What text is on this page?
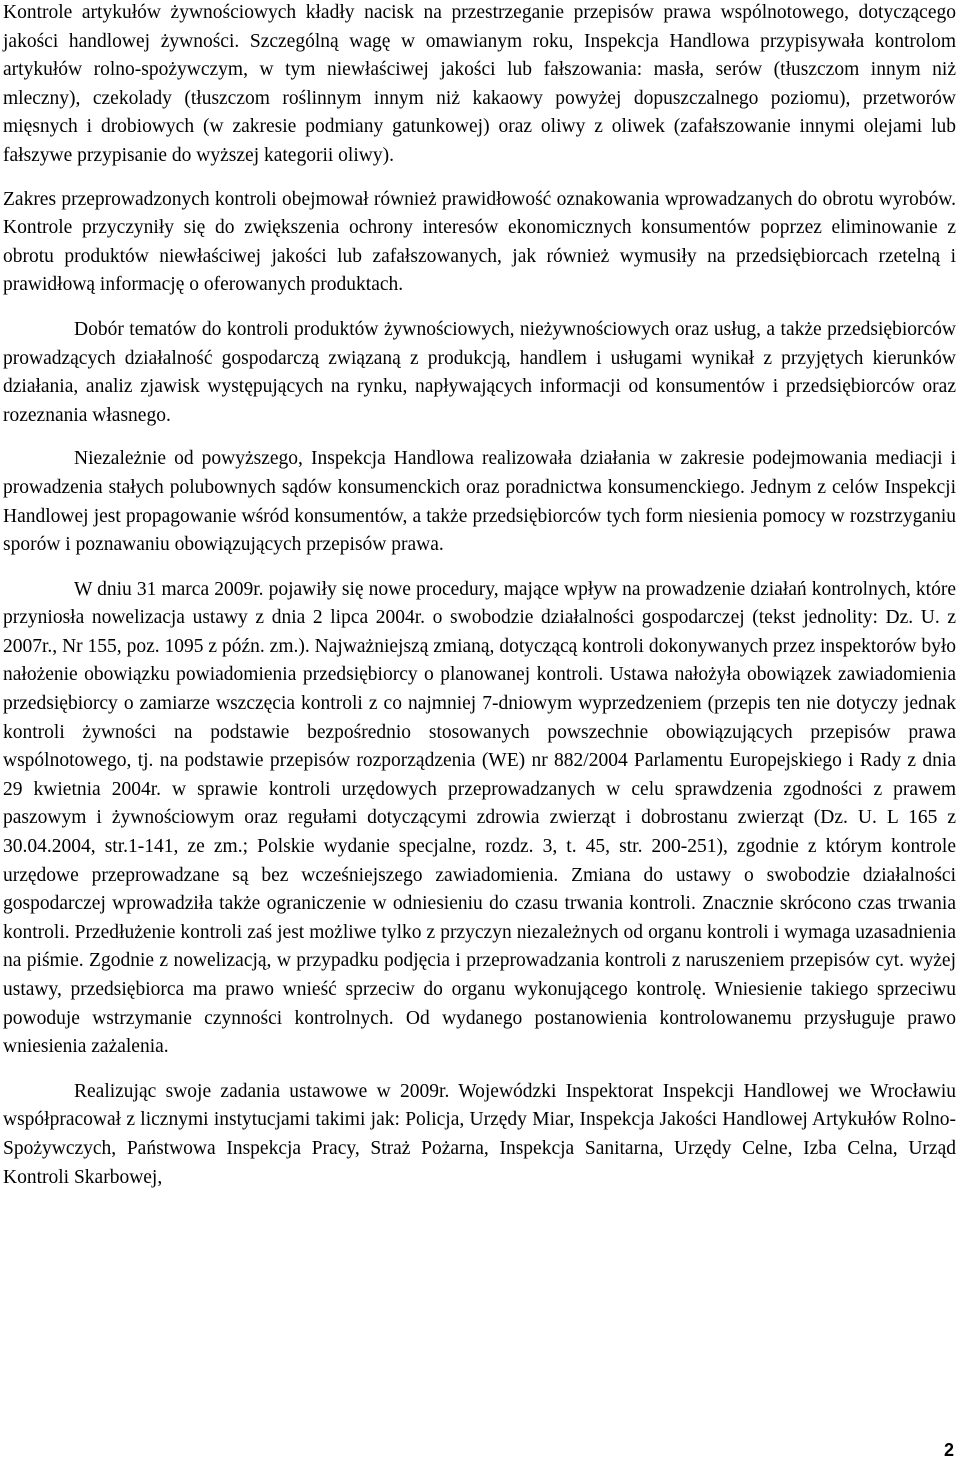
Kontrole artykułów żywnościowych kładły nacisk na przestrzeganie przepisów prawa wspólnotowego, dotyczącego jakości handlowej żywności. Szczególną wagę w omawianym roku, Inspekcja Handlowa przypisywała kontrolom artykułów rolno-spożywczym, w tym niewłaściwej jakości lub fałszowania: masła, serów (tłuszczom innym niż mleczny), czekolady (tłuszczom roślinnym innym niż kakaowy powyżej dopuszczalnego poziomu), przetworów mięsnych i drobiowych (w zakresie podmiany gatunkowej) oraz oliwy z oliwek (zafałszowanie innymi olejami lub fałszywe przypisanie do wyższej kategorii oliwy).

Zakres przeprowadzonych kontroli obejmował również prawidłowość oznakowania wprowadzanych do obrotu wyrobów. Kontrole przyczyniły się do zwiększenia ochrony interesów ekonomicznych konsumentów poprzez eliminowanie z obrotu produktów niewłaściwej jakości lub zafałszowanych, jak również wymusiły na przedsiębiorcach rzetelną i prawidłową informację o oferowanych produktach.

Dobór tematów do kontroli produktów żywnościowych, nieżywnościowych oraz usług, a także przedsiębiorców prowadzących działalność gospodarczą związaną z produkcją, handlem i usługami wynikał z przyjętych kierunków działania, analiz zjawisk występujących na rynku, napływających informacji od konsumentów i przedsiębiorców oraz rozeznania własnego.

Niezależnie od powyższego, Inspekcja Handlowa realizowała działania w zakresie podejmowania mediacji i prowadzenia stałych polubownych sądów konsumenckich oraz poradnictwa konsumenckiego. Jednym z celów Inspekcji Handlowej jest propagowanie wśród konsumentów, a także przedsiębiorców tych form niesienia pomocy w rozstrzyganiu sporów i poznawaniu obowiązujących przepisów prawa.

W dniu 31 marca 2009r. pojawiły się nowe procedury, mające wpływ na prowadzenie działań kontrolnych, które przyniosła nowelizacja ustawy z dnia 2 lipca 2004r. o swobodzie działalności gospodarczej (tekst jednolity: Dz. U. z 2007r., Nr 155, poz. 1095 z późn. zm.). Najważniejszą zmianą, dotyczącą kontroli dokonywanych przez inspektorów było nałożenie obowiązku powiadomienia przedsiębiorcy o planowanej kontroli. Ustawa nałożyła obowiązek zawiadomienia przedsiębiorcy o zamiarze wszczęcia kontroli z co najmniej 7-dniowym wyprzedzeniem (przepis ten nie dotyczy jednak kontroli żywności na podstawie bezpośrednio stosowanych powszechnie obowiązujących przepisów prawa wspólnotowego, tj. na podstawie przepisów rozporządzenia (WE) nr 882/2004 Parlamentu Europejskiego i Rady z dnia 29 kwietnia 2004r. w sprawie kontroli urzędowych przeprowadzanych w celu sprawdzenia zgodności z prawem paszowym i żywnościowym oraz regułami dotyczącymi zdrowia zwierząt i dobrostanu zwierząt (Dz. U. L 165 z 30.04.2004, str.1-141, ze zm.; Polskie wydanie specjalne, rozdz. 3, t. 45, str. 200-251), zgodnie z którym kontrole urzędowe przeprowadzane są bez wcześniejszego zawiadomienia. Zmiana do ustawy o swobodzie działalności gospodarczej wprowadziła także ograniczenie w odniesieniu do czasu trwania kontroli. Znacznie skrócono czas trwania kontroli. Przedłużenie kontroli zaś jest możliwe tylko z przyczyn niezależnych od organu kontroli i wymaga uzasadnienia na piśmie. Zgodnie z nowelizacją, w przypadku podjęcia i przeprowadzania kontroli z naruszeniem przepisów cyt. wyżej ustawy, przedsiębiorca ma prawo wnieść sprzeciw do organu wykonującego kontrolę. Wniesienie takiego sprzeciwu powoduje wstrzymanie czynności kontrolnych. Od wydanego postanowienia kontrolowanemu przysługuje prawo wniesienia zażalenia.

Realizując swoje zadania ustawowe w 2009r. Wojewódzki Inspektorat Inspekcji Handlowej we Wrocławiu współpracował z licznymi instytucjami takimi jak: Policja, Urzędy Miar, Inspekcja Jakości Handlowej Artykułów Rolno-Spożywczych, Państwowa Inspekcja Pracy, Straż Pożarna, Inspekcja Sanitarna, Urzędy Celne, Izba Celna, Urząd Kontroli Skarbowej,

2
